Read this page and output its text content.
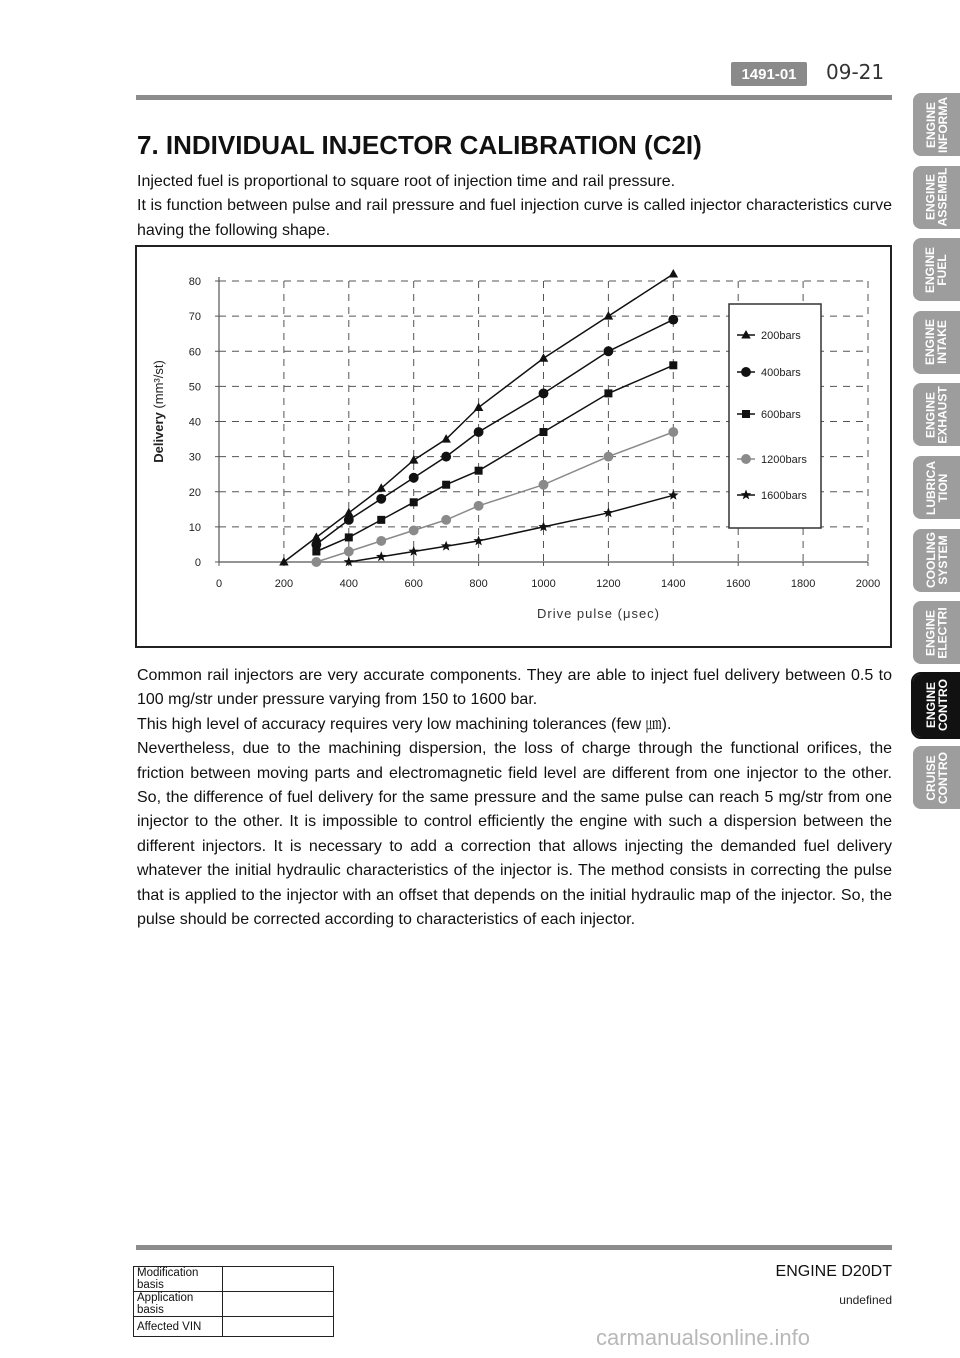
1491-01	09-21
7. INDIVIDUAL INJECTOR CALIBRATION (C2I)

Injected fuel is proportional to square root of injection time and rail pressure.

It is function between pulse and rail pressure and fuel injection curve is called injector characteristics curve having the following shape.

0
10
20
30
40
50
60
70
80
0	200	400	600	800	1000	1200	1400	1600	1800	2000
Drive pulse (μsec)
Delivery (mm³/st)
200bars
400bars
600bars
1200bars
1600bars

Common rail injectors are very accurate components. They are able to inject fuel delivery between 0.5 to 100 mg/str under pressure varying from 150 to 1600 bar.

This high level of accuracy requires very low machining tolerances (few ㎛).

Nevertheless, due to the machining dispersion, the loss of charge through the functional orifices, the friction between moving parts and electromagnetic field level are different from one injector to the other. So, the difference of fuel delivery for the same pressure and the same pulse can reach 5 mg/str from one injector to the other. It is impossible to control efficiently the engine with such a dispersion between the different injectors. It is necessary to add a correction that allows injecting the demanded fuel delivery whatever the initial hydraulic characteristics of the injector is. The method consists in correcting the pulse that is applied to the injector with an offset that depends on the initial hydraulic map of the injector. So, the pulse should be corrected according to characteristics of each injector.

ENGINE
INFORMA
ENGINE
ASSEMBL
ENGINE
FUEL
ENGINE
INTAKE
ENGINE
EXHAUST
LUBRICA
TION
COOLING
SYSTEM
ENGINE
ELECTRI
ENGINE
CONTRO
CRUISE
CONTRO
ENGINE D20DT
undefined
Modification basis	
Application basis	
Affected VIN		carmanualsonline.info
